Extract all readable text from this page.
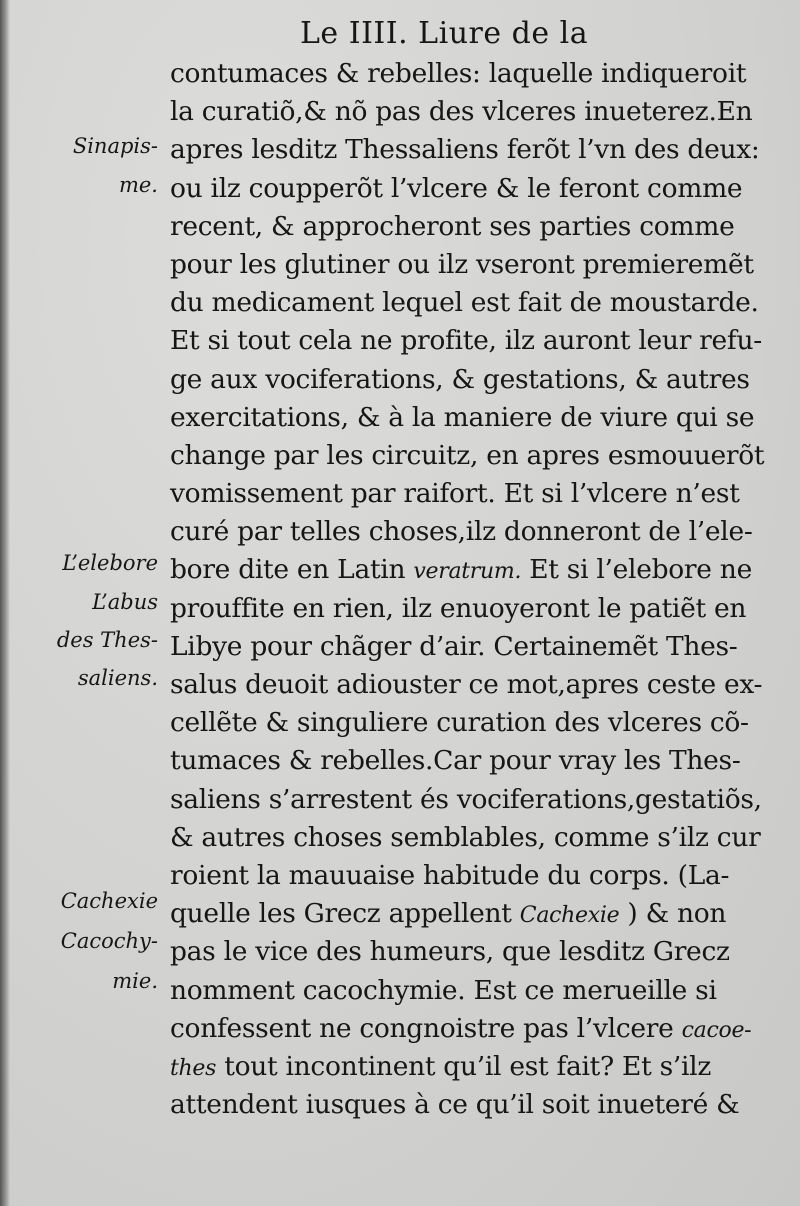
Le IIII. Liure de la
Sinapis-
me.
L’elebore
L’abus
des Thes-
saliens.
Cachexie
Cacochy-
mie.
contumaces & rebelles: laquelle indiqueroit
la curatiõ,& nõ pas des vlceres inueterez.En
apres lesditz Thessaliens ferõt l’vn des deux:
ou ilz coupperõt l’vlcere & le feront comme
recent, & approcheront ses parties comme
pour les glutiner ou ilz vseront premieremẽt
du medicament lequel est fait de moustarde.
Et si tout cela ne profite, ilz auront leur refu-
ge aux vociferations, & gestations, & autres
exercitations, & à la maniere de viure qui se
change par les circuitz, en apres esmouuerõt
vomissement par raifort. Et si l’vlcere n’est
curé par telles choses,ilz donneront de l’ele-
bore dite en Latin veratrum. Et si l’elebore ne
prouffite en rien, ilz enuoyeront le patiẽt en
Libye pour chãger d’air. Certainemẽt Thes-
salus deuoit adiouster ce mot,apres ceste ex-
cellẽte & singuliere curation des vlceres cõ-
tumaces & rebelles.Car pour vray les Thes-
saliens s’arrestent és vociferations,gestatiõs,
& autres choses semblables, comme s’ilz cur
roient la mauuaise habitude du corps. (La-
quelle les Grecz appellent Cachexie ) & non
pas le vice des humeurs, que lesditz Grecz
nomment cacochymie. Est ce merueille si
confessent ne congnoistre pas l’vlcere cacoe-
thes tout incontinent qu’il est fait? Et s’ilz
attendent iusques à ce qu’il soit inueteré &
